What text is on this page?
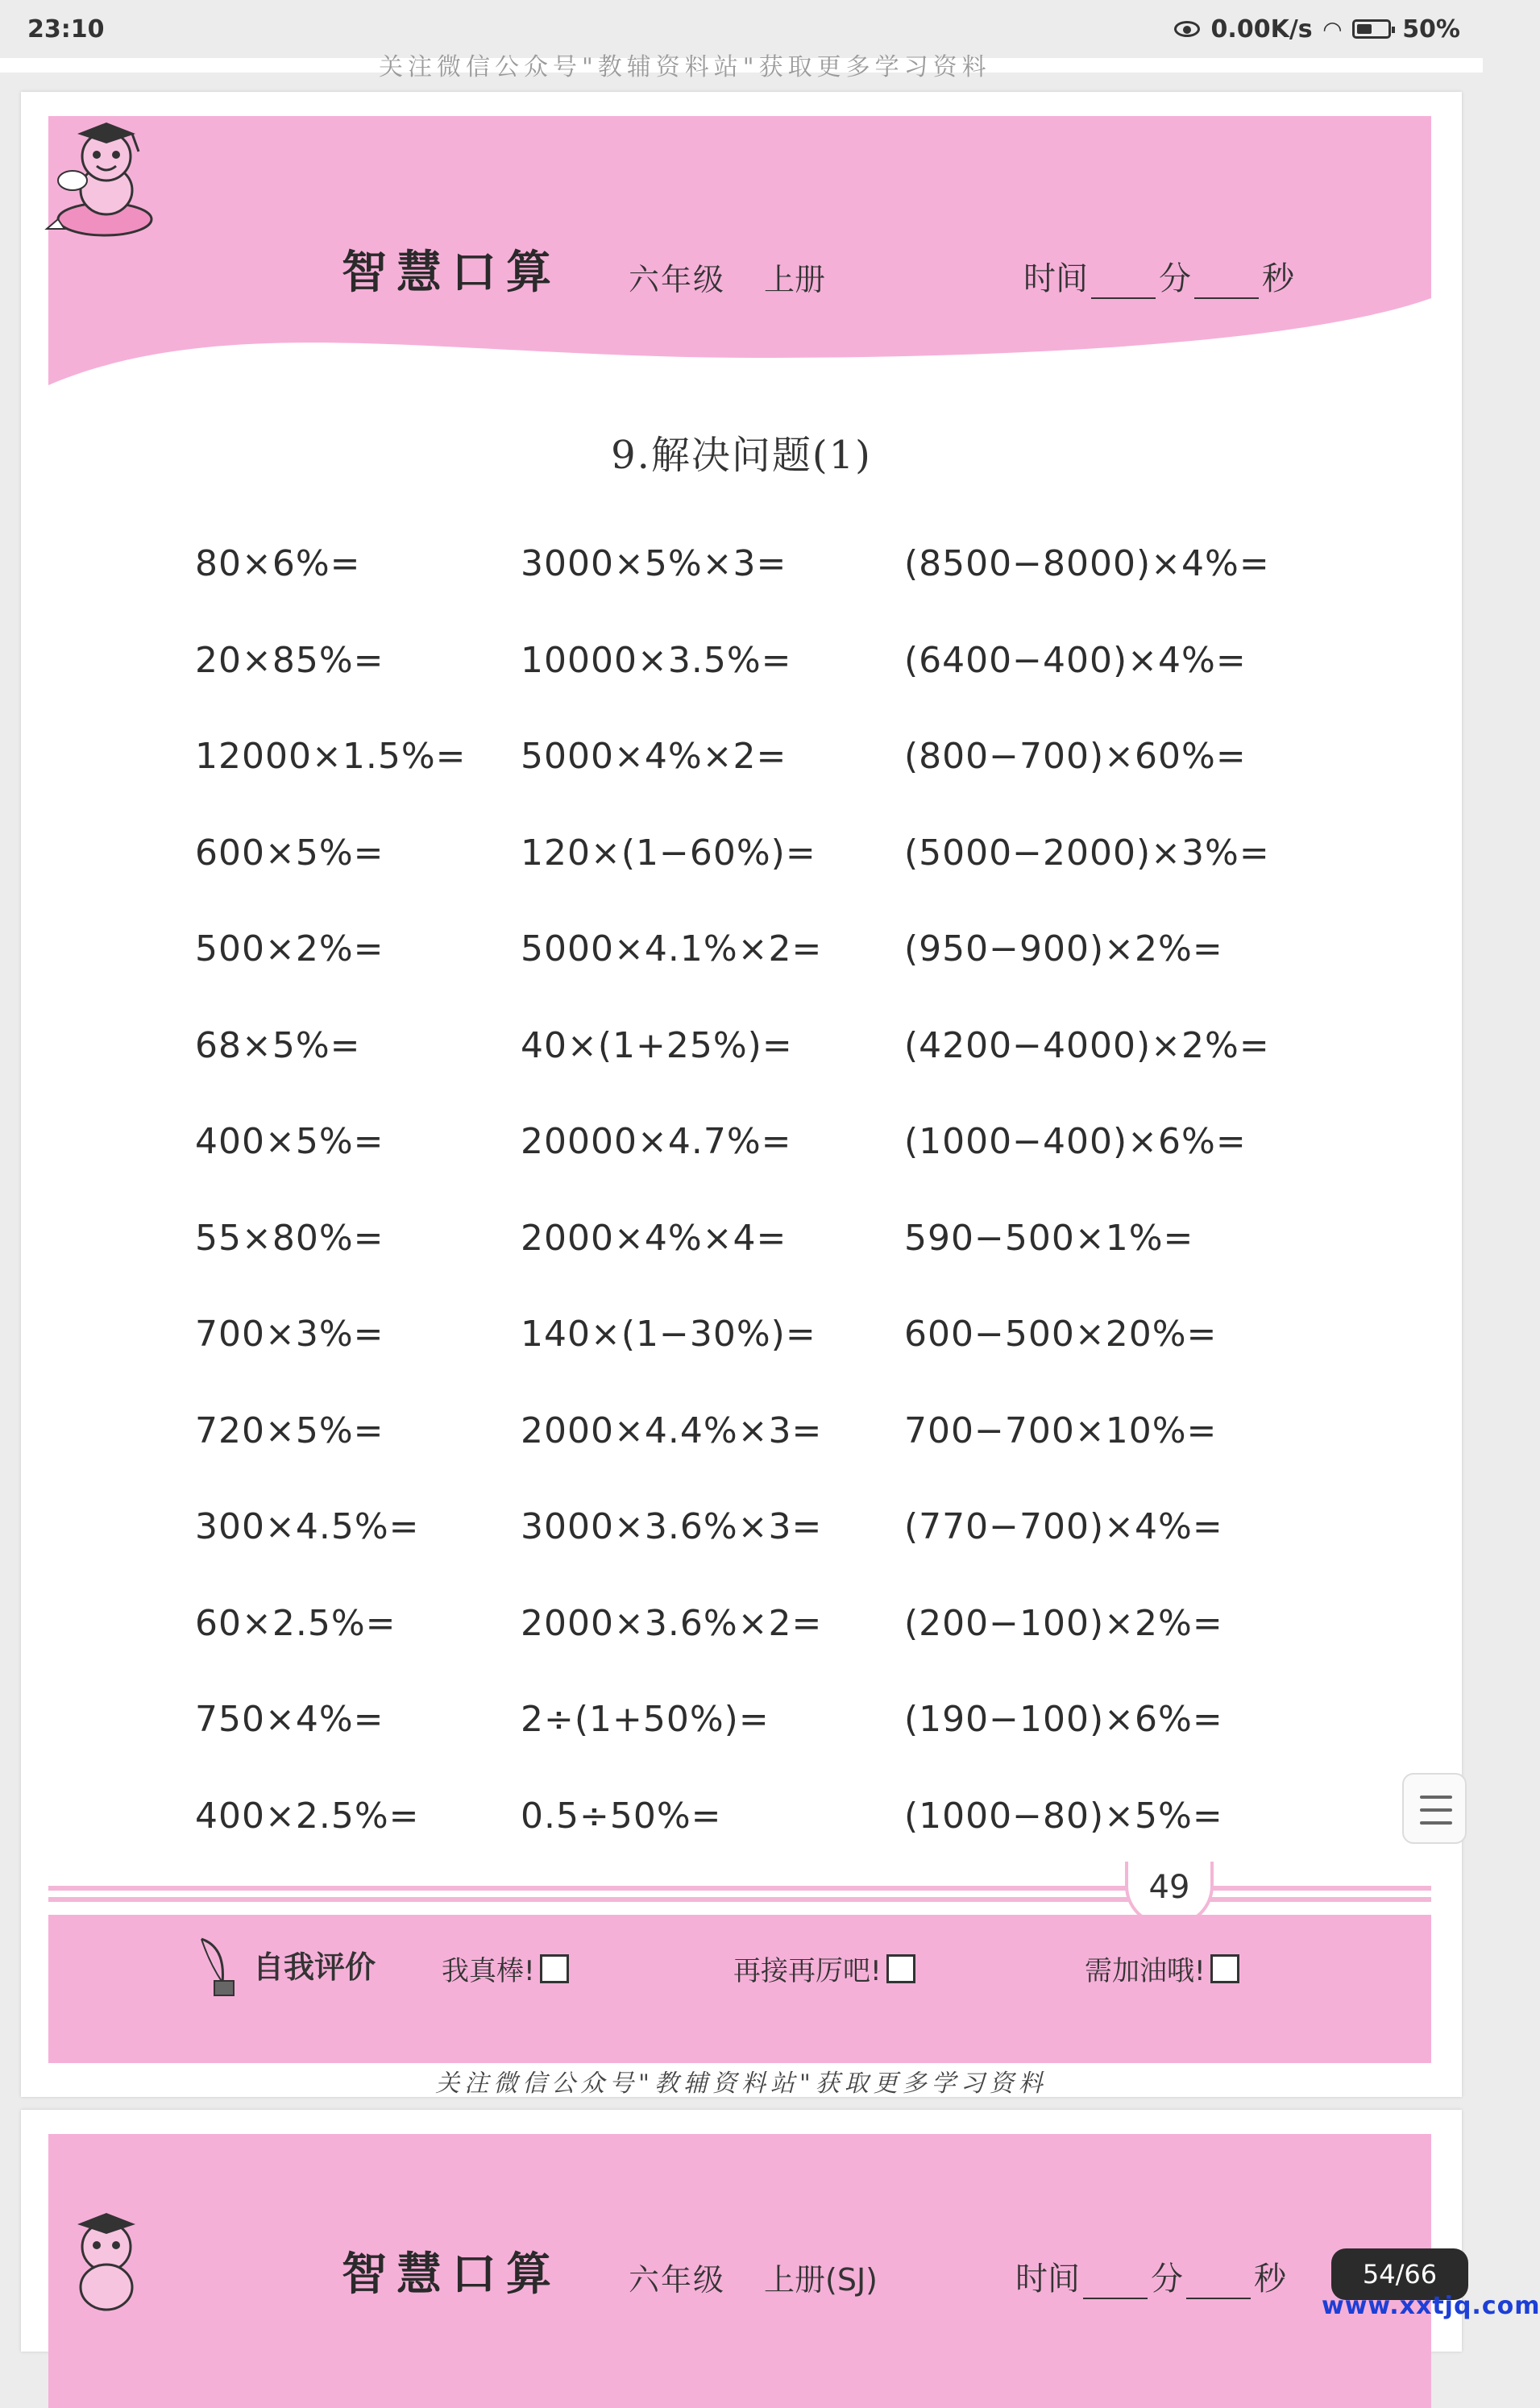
23:10	0.00K/s ◠	50%
关注微信公众号"教辅资料站"获取更多学习资料
智慧口算 六年级 上册	时间 分 秒
9.解决问题(1)
80×6%=	3000×5%×3=	(8500−8000)×4%=
20×85%=	10000×3.5%=	(6400−400)×4%=
12000×1.5%= 5000×4%×2=	(800−700)×60%=
600×5%=	120×(1−60%)= (5000−2000)×3%=
500×2%=	5000×4.1%×2= (950−900)×2%=
68×5%=	40×(1+25%)=	(4200−4000)×2%=
400×5%=	20000×4.7%=	(1000−400)×6%=
55×80%=	2000×4%×4=	590−500×1%=
700×3%=	140×(1−30%)= 600−500×20%=
720×5%=	2000×4.4%×3= 700−700×10%=
300×4.5%=	3000×3.6%×3= (770−700)×4%=
60×2.5%=	2000×3.6%×2= (200−100)×2%=
750×4%=	2÷(1+50%)=	(190−100)×6%=
400×2.5%=	0.5÷50%=	(1000−80)×5%=
49
自我评价 我真棒!	再接再厉吧!	需加油哦!
关注微信公众号"教辅资料站"获取更多学习资料
智慧口算 六年级 上册(SJ)	时间 分 秒	54/66
www.xxtjq.com
